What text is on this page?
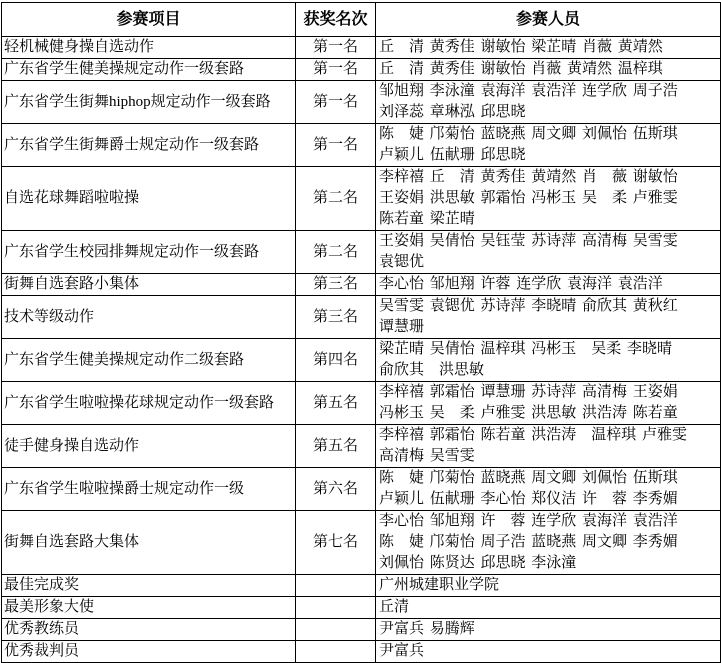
参赛项目	获奖名次	参赛人员
轻机械健身操自选动作	第一名	丘　清 黄秀佳 谢敏怡 梁芷晴 肖薇 黄靖然

广东省学生健美操规定动作一级套路	第一名	丘　清 黄秀佳 谢敏怡 肖薇 黄靖然 温梓琪

广东省学生街舞hiphop规定动作一级套路	第一名	邹旭翔 李泳潼 袁海洋 袁浩洋 连学欣 周子浩
刘泽蕊 章琳泓 邱思晓

广东省学生街舞爵士规定动作一级套路	第一名	陈　婕 邝菊怡 蓝晓燕 周文卿 刘佩怡 伍斯琪
卢颖儿 伍献珊 邱思晓

自选花球舞蹈啦啦操	第二名	李梓禧 丘　清 黄秀佳 黄靖然 肖　薇 谢敏怡
王姿娟 洪思敏 郭霜怡 冯彬玉 吴　柔 卢雅雯
陈若童 梁芷晴

广东省学生校园排舞规定动作一级套路	第二名	王姿娟 吴倩怡 吴钰莹 苏诗萍 高清梅 吴雪雯
袁锶优

街舞自选套路小集体	第三名	李心怡 邹旭翔 许蓉 连学欣 袁海洋 袁浩洋

技术等级动作	第三名	吴雪雯 袁锶优 苏诗萍 李晓晴 俞欣其 黄秋红
谭慧珊

广东省学生健美操规定动作二级套路	第四名	梁芷晴 吴倩怡 温梓琪 冯彬玉　吴柔 李晓晴
俞欣其　洪思敏

广东省学生啦啦操花球规定动作一级套路	第五名	李梓禧 郭霜怡 谭慧珊 苏诗萍 高清梅 王姿娟
冯彬玉 吴　柔 卢雅雯 洪思敏 洪浩涛 陈若童

徒手健身操自选动作	第五名	李梓禧 郭霜怡 陈若童 洪浩涛　温梓琪 卢雅雯
高清梅 吴雪雯

广东省学生啦啦操爵士规定动作一级	第六名	陈　婕 邝菊怡 蓝晓燕 周文卿 刘佩怡 伍斯琪
卢颖儿 伍献珊 李心怡 郑仪洁 许　蓉 李秀媚

街舞自选套路大集体	第七名	李心怡 邹旭翔 许　蓉 连学欣 袁海洋 袁浩洋
陈　婕 邝菊怡 周子浩 蓝晓燕 周文卿 李秀媚
刘佩怡 陈贤达 邱思晓 李泳潼

最佳完成奖		广州城建职业学院

最美形象大使		丘清

优秀教练员		尹富兵 易腾辉

优秀裁判员		尹富兵
